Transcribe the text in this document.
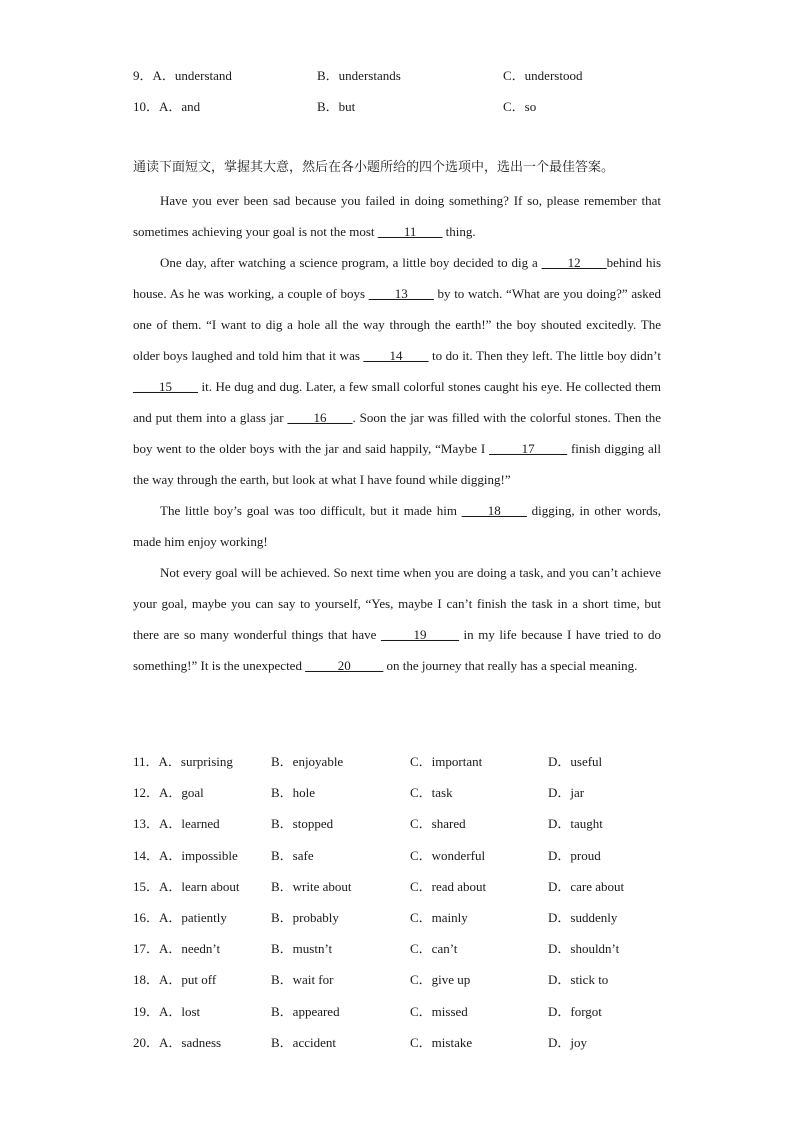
9．A．understand	B．understands	C．understood
10．A．and	B．but	C．so
通读下面短文，掌握其大意，然后在各小题所给的四个选项中，选出一个最佳答案。

Have you ever been sad because you failed in doing something? If so, please remember that sometimes achieving your goal is not the most ____11____ thing.

One day, after watching a science program, a little boy decided to dig a ____12____behind his house. As he was working, a couple of boys ____13____ by to watch. “What are you doing?” asked one of them. “I want to dig a hole all the way through the earth!” the boy shouted excitedly. The older boys laughed and told him that it was ____14____ to do it. Then they left. The little boy didn’t ____15____ it. He dug and dug. Later, a few small colorful stones caught his eye. He collected them and put them into a glass jar ____16____. Soon the jar was filled with the colorful stones. Then the boy went to the older boys with the jar and said happily, “Maybe I _____17_____ finish digging all the way through the earth, but look at what I have found while digging!”

The little boy’s goal was too difficult, but it made him ____18____ digging, in other words, made him enjoy working!

Not every goal will be achieved. So next time when you are doing a task, and you can’t achieve your goal, maybe you can say to yourself, “Yes, maybe I can’t finish the task in a short time, but there are so many wonderful things that have _____19_____ in my life because I have tried to do something!” It is the unexpected _____20_____ on the journey that really has a special meaning.

11．A．surprising	B．enjoyable	C．important	D．useful
12．A．goal	B．hole	C．task	D．jar
13．A．learned	B．stopped	C．shared	D．taught
14．A．impossible	B．safe	C．wonderful	D．proud
15．A．learn about B．write about	C．read about	D．care about
16．A．patiently	B．probably	C．mainly	D．suddenly
17．A．needn’t	B．mustn’t	C．can’t	D．shouldn’t
18．A．put off	B．wait for	C．give up	D．stick to
19．A．lost	B．appeared	C．missed	D．forgot
20．A．sadness	B．accident	C．mistake	D．joy
